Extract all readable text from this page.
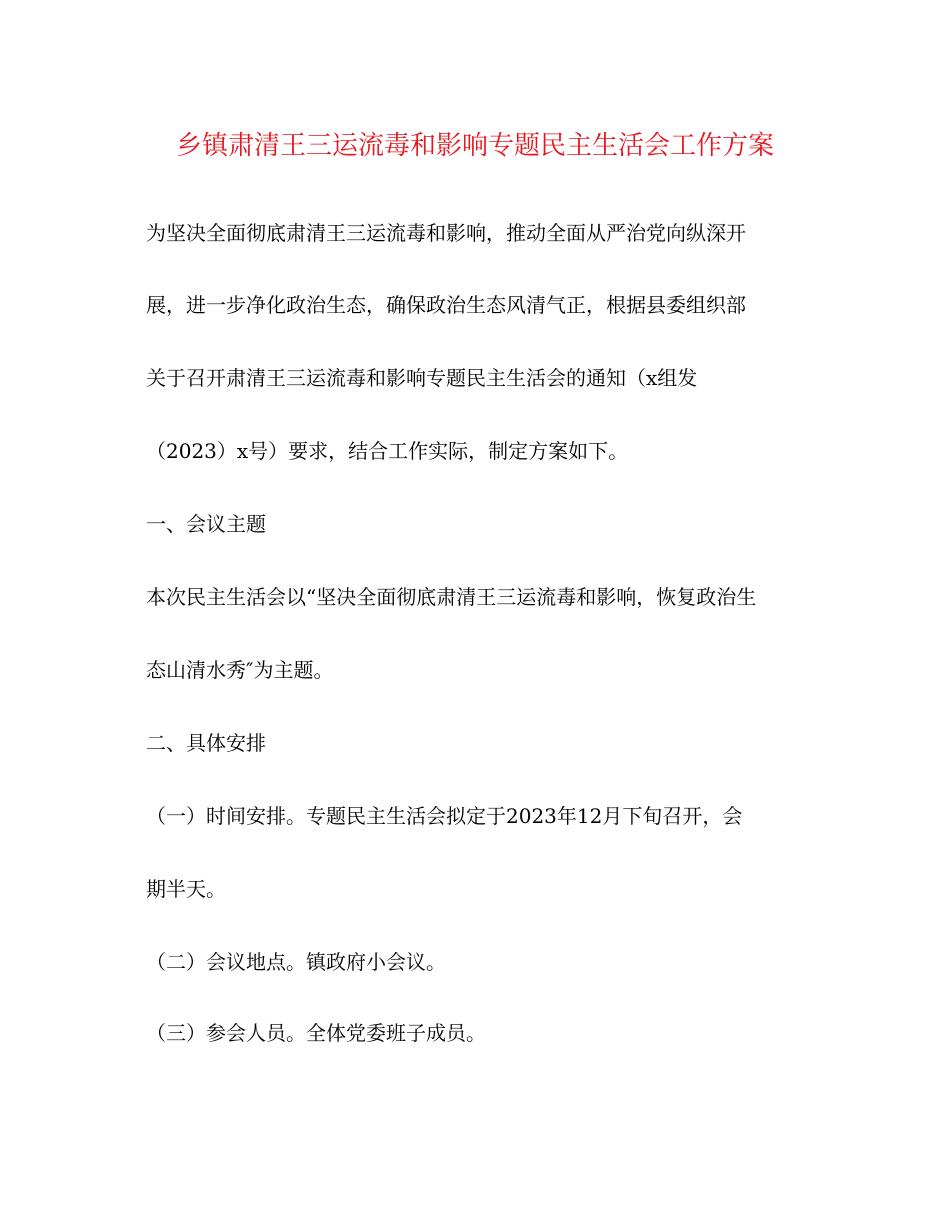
乡镇肃清王三运流毒和影响专题民主生活会工作方案
为坚决全面彻底肃清王三运流毒和影响，推动全面从严治党向纵深开
展，进一步净化政治生态，确保政治生态风清气正，根据县委组织部
关于召开肃清王三运流毒和影响专题民主生活会的通知（x组发
（2023）x号）要求，结合工作实际，制定方案如下。
一、会议主题
本次民主生活会以“坚决全面彻底肃清王三运流毒和影响，恢复政治生
态山清水秀″为主题。
二、具体安排
（一）时间安排。专题民主生活会拟定于2023年12月下旬召开，会
期半天。
（二）会议地点。镇政府小会议。
（三）参会人员。全体党委班子成员。
